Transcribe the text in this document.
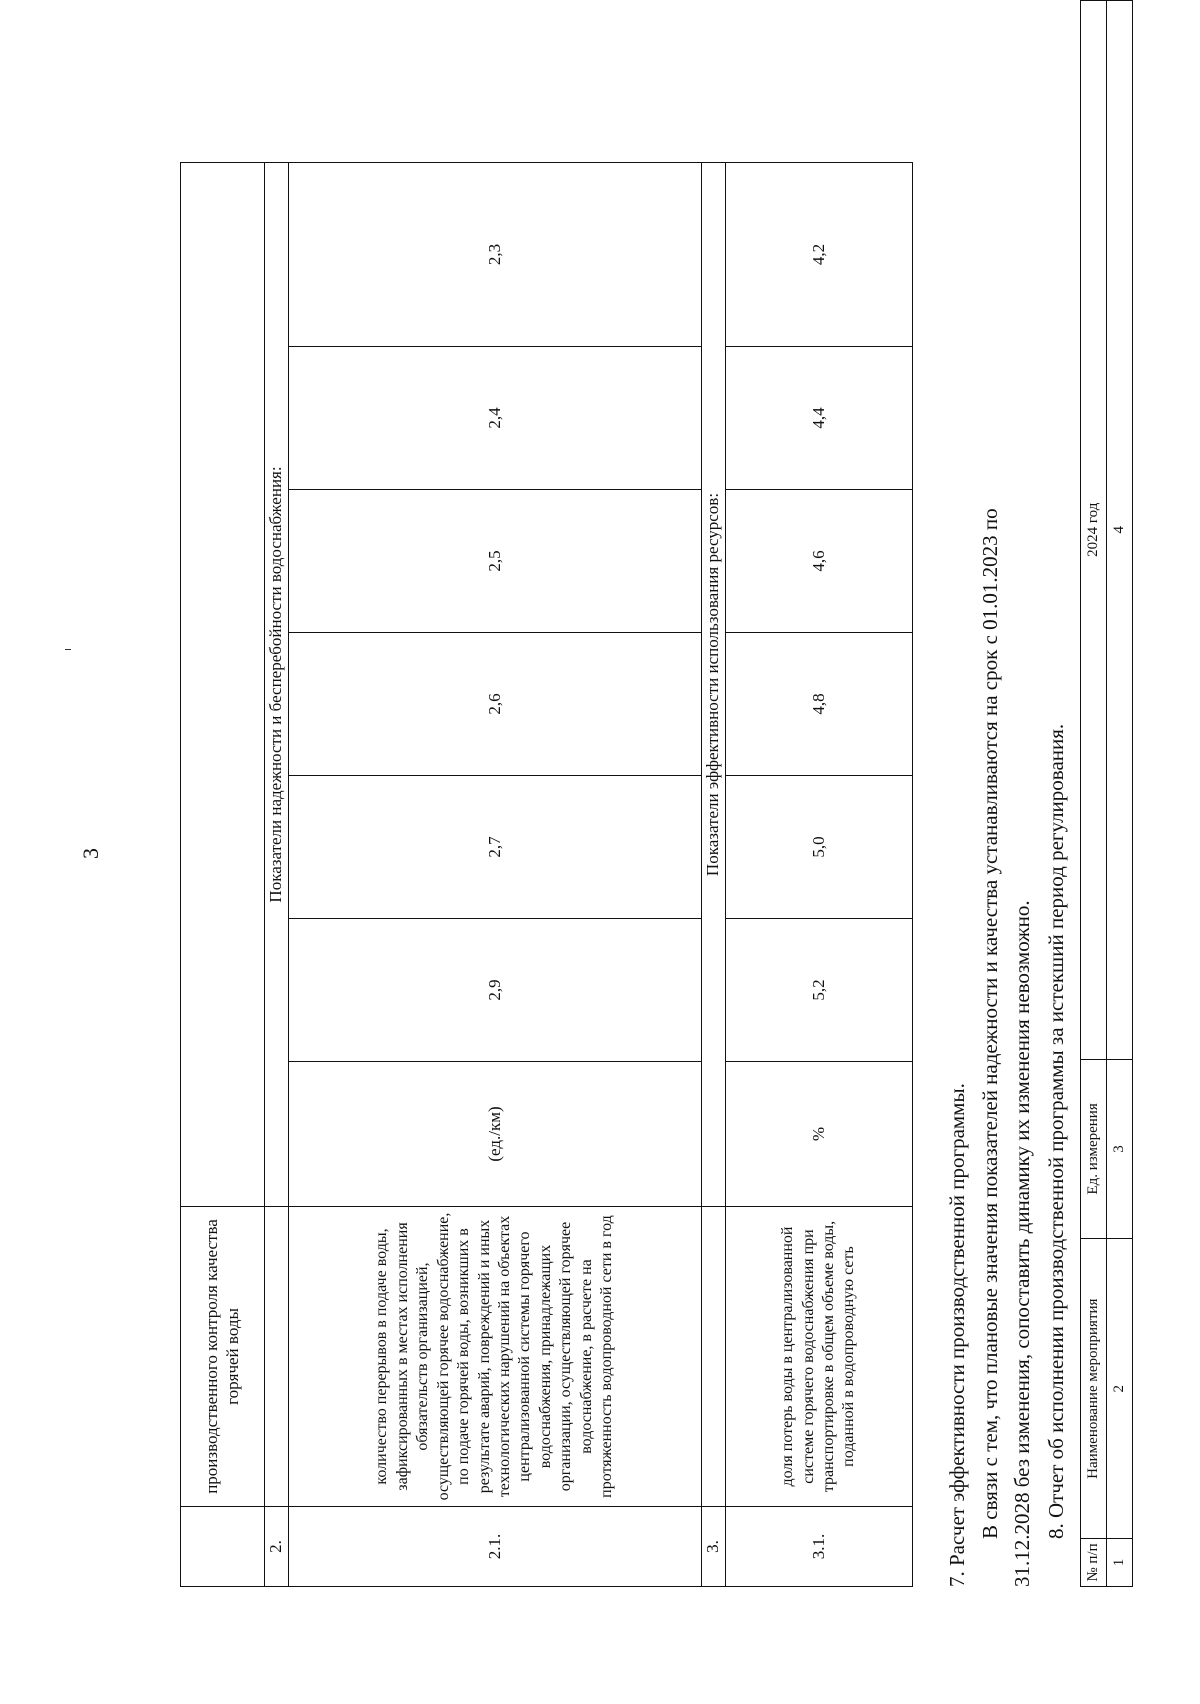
3
	производственного контроля качества горячей воды							
2.		Показатели надежности и бесперебойности водоснабжения:						
2.1.	количество перерывов в подаче воды, зафиксированных в местах исполнения обязательств организацией, осуществляющей горячее водоснабжение, по подаче горячей воды, возникших в результате аварий, повреждений и иных технологических нарушений на объектах централизованной системы горячего водоснабжения, принадлежащих организации, осуществляющей горячее водоснабжение, в расчете на протяженность водопроводной сети в год	(ед./км)	2,9	2,7	2,6	2,5	2,4	2,3
3.		Показатели эффективности использования ресурсов:						
3.1.	доля потерь воды в централизованной системе горячего водоснабжения при транспортировке в общем объеме воды, поданной в водопроводную сеть	%	5,2	5,0	4,8	4,6	4,4	4,2
7. Расчет эффективности производственной программы. В связи с тем, что плановые значения показателей надежности и качества устанавливаются на срок с 01.01.2023 по 31.12.2028 без изменения, сопоставить динамику их изменения невозможно. 8. Отчет об исполнении производственной программы за истекший период регулирования.
№ п/п	Наименование мероприятия	Ед. измерения	2024 год
1	2	3	4
